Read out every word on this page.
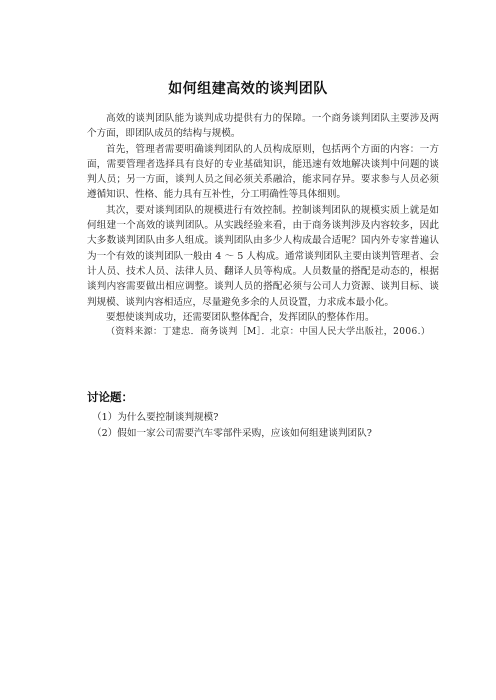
如何组建高效的谈判团队

高效的谈判团队能为谈判成功提供有力的保障。一个商务谈判团队主要涉及两个方面，即团队成员的结构与规模。

首先，管理者需要明确谈判团队的人员构成原则，包括两个方面的内容：一方面，需要管理者选择具有良好的专业基础知识，能迅速有效地解决谈判中问题的谈判人员；另一方面，谈判人员之间必须关系融洽，能求同存异。要求参与人员必须遵循知识、性格、能力具有互补性，分工明确性等具体细则。

其次，要对谈判团队的规模进行有效控制。控制谈判团队的规模实质上就是如何组建一个高效的谈判团队。从实践经验来看，由于商务谈判涉及内容较多，因此大多数谈判团队由多人组成。谈判团队由多少人构成最合适呢？国内外专家普遍认为一个有效的谈判团队一般由 4 ～ 5 人构成。通常谈判团队主要由谈判管理者、会计人员、技术人员、法律人员、翻译人员等构成。人员数量的搭配是动态的，根据谈判内容需要做出相应调整。谈判人员的搭配必须与公司人力资源、谈判目标、谈判规模、谈判内容相适应，尽量避免多余的人员设置，力求成本最小化。

要想使谈判成功，还需要团队整体配合，发挥团队的整体作用。

（资料来源：丁建忠．商务谈判［M］．北京：中国人民大学出版社，2006.）

讨论题：

（1）为什么要控制谈判规模?

（2）假如一家公司需要汽车零部件采购，应该如何组建谈判团队?
